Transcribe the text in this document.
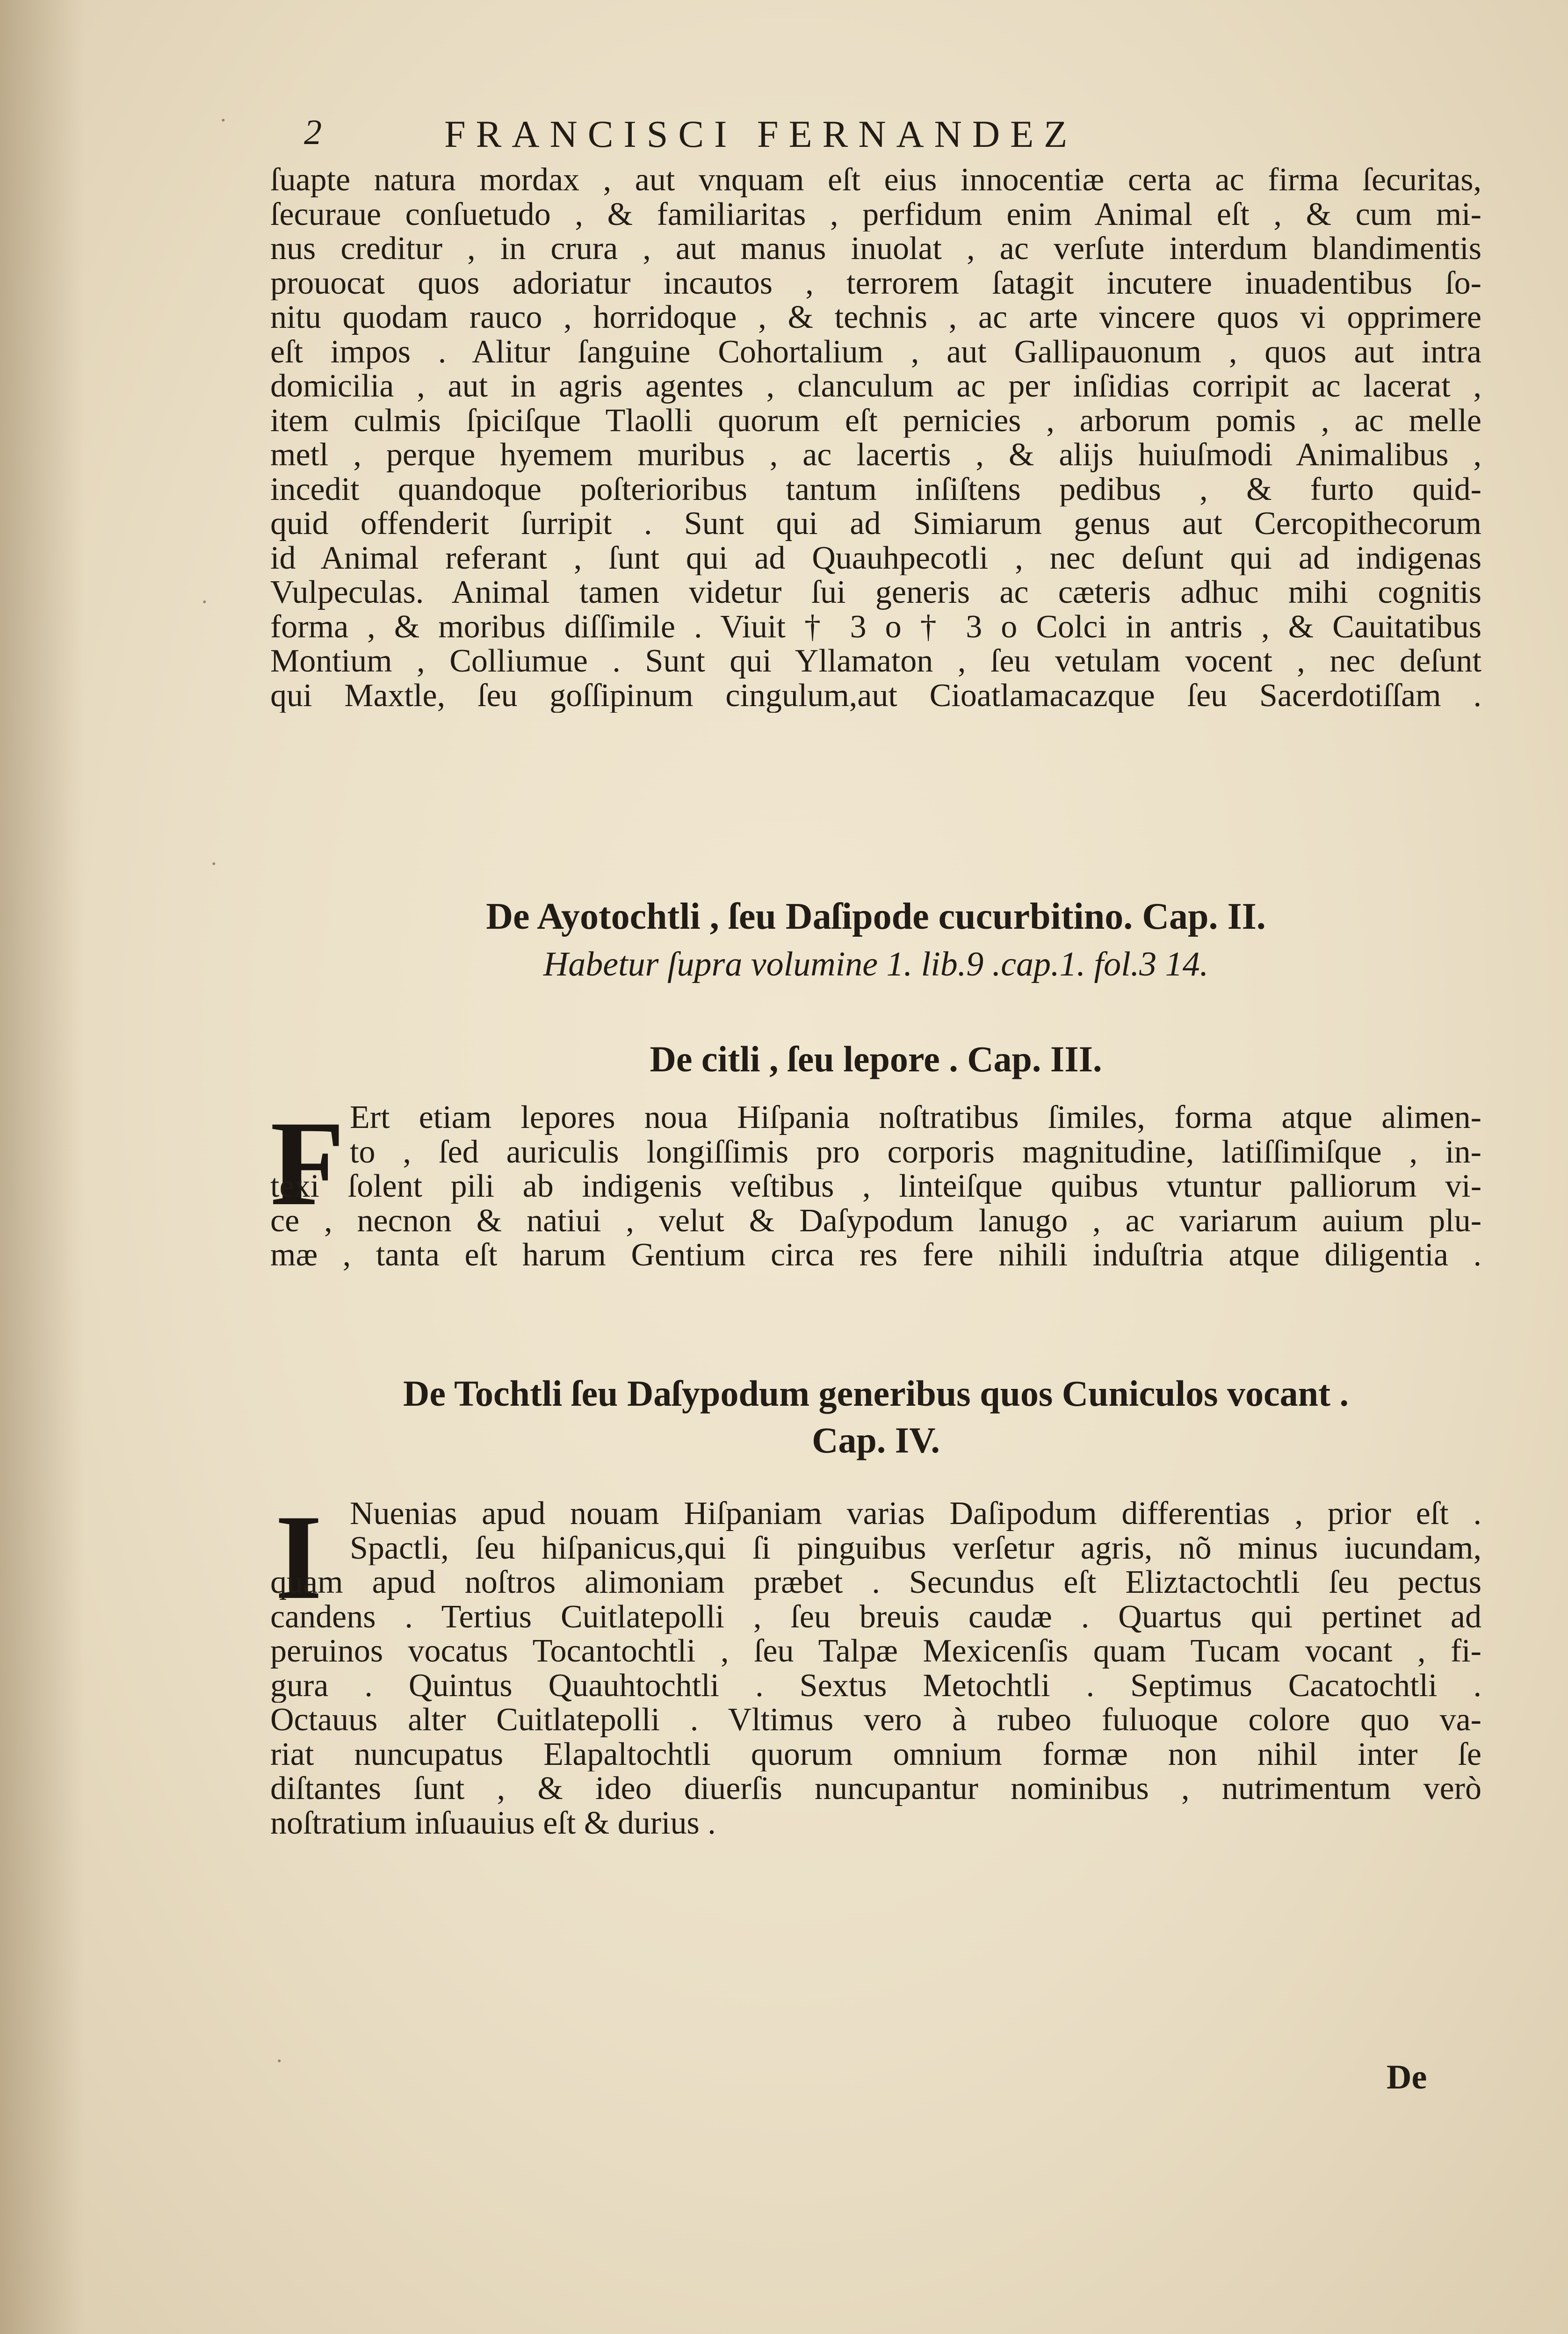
2	FRANCISCI FERNANDEZ
ſuapte natura mordax , aut vnquam eſt eius innocentiæ certa ac firma ſecuritas,
ſecuraue conſuetudo , & familiaritas , perfidum enim Animal eſt , & cum mi-
nus creditur , in crura , aut manus inuolat , ac verſute interdum blandimentis
prouocat quos adoriatur incautos , terrorem ſatagit incutere inuadentibus ſo-
nitu quodam rauco , horridoque , & technis , ac arte vincere quos vi opprimere
eſt impos . Alitur ſanguine Cohortalium , aut Gallipauonum , quos aut intra
domicilia , aut in agris agentes , clanculum ac per inſidias corripit ac lacerat ,
item culmis ſpiciſque Tlaolli quorum eſt pernicies , arborum pomis , ac melle
metl , perque hyemem muribus , ac lacertis , & alijs huiuſmodi Animalibus ,
incedit quandoque poſterioribus tantum inſiſtens pedibus , & furto quid-
quid offenderit ſurripit . Sunt qui ad Simiarum genus aut Cercopithecorum
id Animal referant , ſunt qui ad Quauhpecotli , nec deſunt qui ad indigenas
Vulpeculas. Animal tamen videtur ſui generis ac cæteris adhuc mihi cognitis
forma , & moribus diſſimile . Viuit † 3 o † 3 o Colci in antris , & Cauitatibus
Montium , Colliumue . Sunt qui Yllamaton , ſeu vetulam vocent , nec deſunt
qui Maxtle, ſeu goſſipinum cingulum,aut Cioatlamacazque ſeu Sacerdotiſſam .
De Ayotochtli , ſeu Daſipode cucurbitino. Cap. II.
Habetur ſupra volumine 1. lib.9 .cap.1. fol.3 14.
De citli , ſeu lepore . Cap. III.
F Ert etiam lepores noua Hiſpania noſtratibus ſimiles, forma atque alimen-
to , ſed auriculis longiſſimis pro corporis magnitudine, latiſſimiſque , in-
texi ſolent pili ab indigenis veſtibus , linteiſque quibus vtuntur palliorum vi-
ce , necnon & natiui , velut & Daſypodum lanugo , ac variarum auium plu-
mæ , tanta eſt harum Gentium circa res fere nihili induſtria atque diligentia .
De Tochtli ſeu Daſypodum generibus quos Cuniculos vocant .
Cap. IV.
I Nuenias apud nouam Hiſpaniam varias Daſipodum differentias , prior eſt .
Spactli, ſeu hiſpanicus,qui ſi pinguibus verſetur agris, nõ minus iucundam,
quam apud noſtros alimoniam præbet . Secundus eſt Eliztactochtli ſeu pectus
candens . Tertius Cuitlatepolli , ſeu breuis caudæ . Quartus qui pertinet ad
peruinos vocatus Tocantochtli , ſeu Talpæ Mexicenſis quam Tucam vocant , fi-
gura . Quintus Quauhtochtli . Sextus Metochtli . Septimus Cacatochtli .
Octauus alter Cuitlatepolli . Vltimus vero à rubeo fuluoque colore quo va-
riat nuncupatus Elapaltochtli quorum omnium formæ non nihil inter ſe
diſtantes ſunt , & ideo diuerſis nuncupantur nominibus , nutrimentum verò
noſtratium inſuauius eſt & durius .
De
·
·
·
·
